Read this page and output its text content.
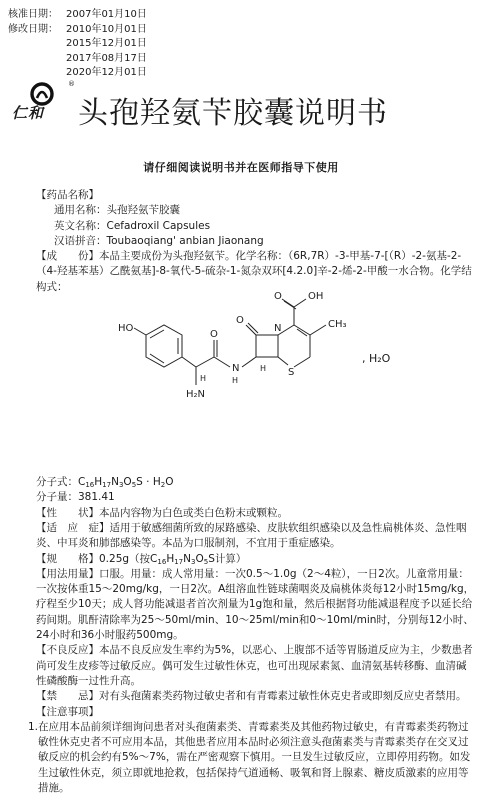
核准日期： 2007年01月10日
修改日期： 2010年10月01日
2015年12月01日
2017年08月17日
2020年12月01日
®
仁和	头孢羟氨苄胶囊说明书
请仔细阅读说明书并在医师指导下使用
【药品名称】
通用名称：头孢羟氨苄胶囊
英文名称：Cefadroxil Capsules
汉语拼音：Toubaoqiang' anbian Jiaonang
【成　　份】本品主要成份为头孢羟氨苄。化学名称：（6R,7R）-3-甲基-7-[（R）-2-氨基-2-（4-羟基苯基）乙酰氨基]-8-氧代-5-硫杂-1-氮杂双环[4.2.0]辛-2-烯-2-甲酸一水合物。化学结构式：
HO
H₂N
H
O
N
H
H
O
N
S
CH₃
O	OH
, H₂O
分子式：$C_{16}H_{17}N_3O_5S \cdot H_2O$
分子量：381.41
【性　　状】本品内容物为白色或类白色粉末或颗粒。
【适　应　症】适用于敏感细菌所致的尿路感染、皮肤软组织感染以及急性扁桃体炎、急性咽炎、中耳炎和肺部感染等。本品为口服制剂，不宜用于重症感染。
【规　　格】0.25g（按$C_{16}H_{17}N_3O_5S$计算）
【用法用量】口服。用量：成人常用量：一次0.5～1.0g（2～4粒），一日2次。儿童常用量：一次按体重15～20mg/kg，一日2次。A组溶血性链球菌咽炎及扁桃体炎每12小时15mg/kg，疗程至少10天；成人肾功能减退者首次剂量为1g饱和量，然后根据肾功能减退程度予以延长给药间期。肌酐清除率为25～50ml/min、10～25ml/min和0～10ml/min时，分别每12小时、24小时和36小时服药500mg。
【不良反应】本品不良反应发生率约为5%，以恶心、上腹部不适等胃肠道反应为主，少数患者尚可发生皮疹等过敏反应。偶可发生过敏性休克，也可出现尿素氮、血清氨基转移酶、血清碱性磷酸酶一过性升高。
【禁　　忌】对有头孢菌素类药物过敏史者和有青霉素过敏性休克史者或即刻反应史者禁用。
【注意事项】
1. 在应用本品前须详细询问患者对头孢菌素类、青霉素类及其他药物过敏史，有青霉素类药物过敏性休克史者不可应用本品，其他患者应用本品时必须注意头孢菌素类与青霉素类存在交叉过敏反应的机会约有5%～7%，需在严密观察下慎用。一旦发生过敏反应，立即停用药物。如发生过敏性休克，须立即就地抢救，包括保持气道通畅、吸氧和肾上腺素、糖皮质激素的应用等措施。
